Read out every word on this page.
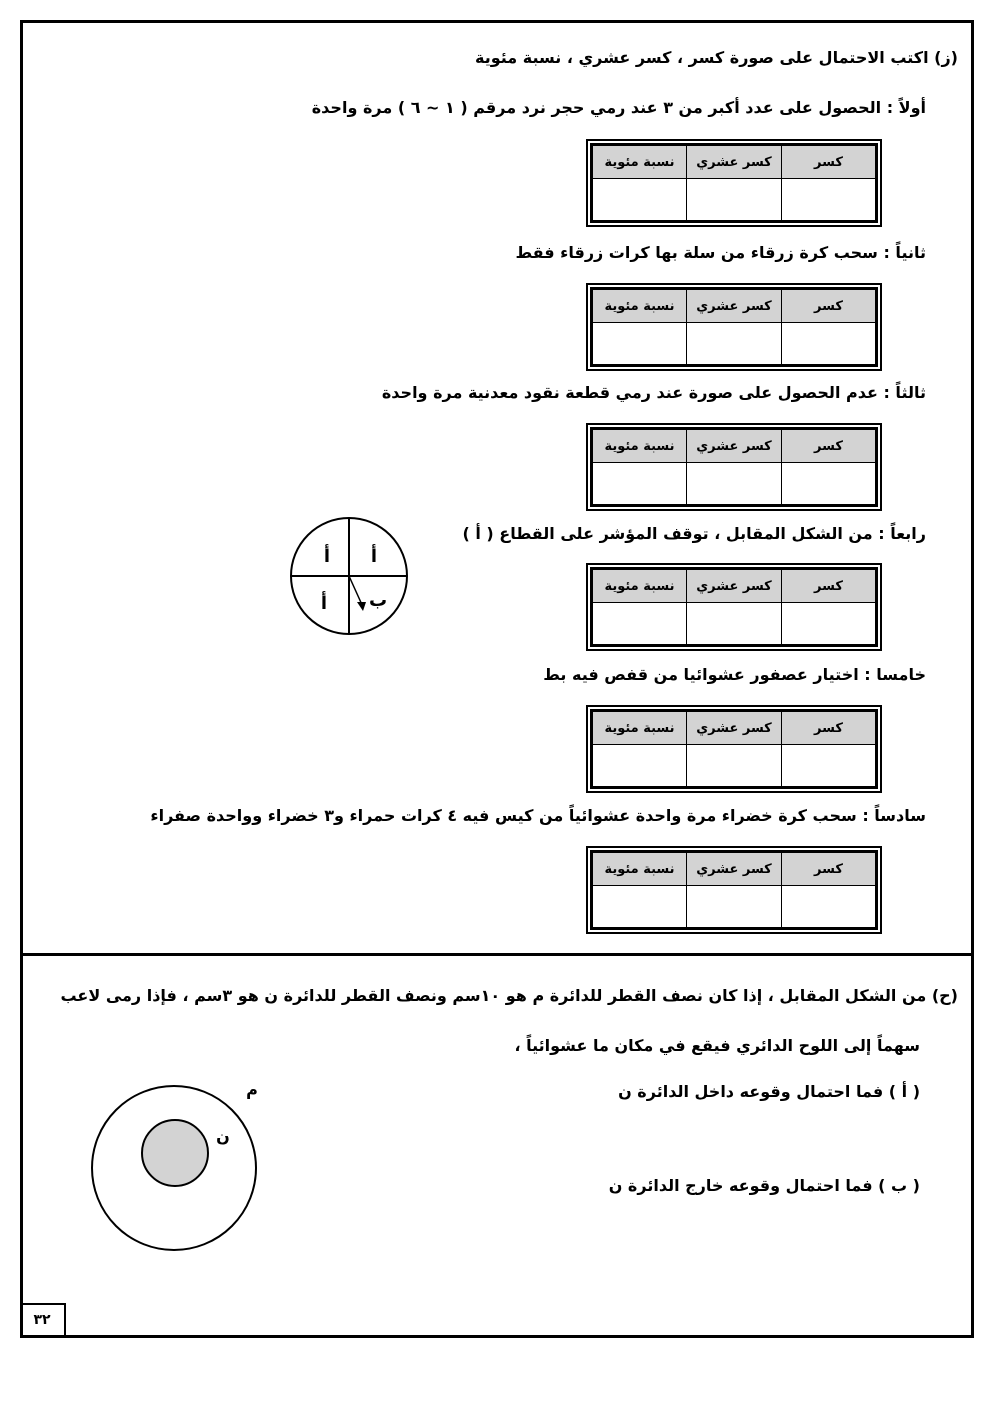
(ز) اكتب الاحتمال على صورة كسر ، كسر عشري ، نسبة مئوية
أولاً : الحصول على عدد أكبر من ٣ عند رمي حجر نرد مرقم ( ١ ~ ٦ ) مرة واحدة
كسر	كسر عشري	نسبة مئوية

ثانياً : سحب كرة زرقاء من سلة بها كرات زرقاء فقط
كسر	كسر عشري	نسبة مئوية

ثالثاً : عدم الحصول على صورة عند رمي قطعة نقود معدنية مرة واحدة
كسر	كسر عشري	نسبة مئوية

رابعاً : من الشكل المقابل ، توقف المؤشر على القطاع ( أ )
كسر	كسر عشري	نسبة مئوية

أ أ
أ ب
خامسا : اختيار عصفور عشوائيا من قفص فيه بط
كسر	كسر عشري	نسبة مئوية

سادساً : سحب كرة خضراء مرة واحدة عشوائياً من كيس فيه ٤ كرات حمراء و٣ خضراء وواحدة صفراء
كسر	كسر عشري	نسبة مئوية

(ح) من الشكل المقابل ، إذا كان نصف القطر للدائرة م هو ١٠سم ونصف القطر للدائرة ن هو ٣سم ، فإذا رمى لاعب
سهماً إلى اللوح الدائري فيقع في مكان ما عشوائياً ،
( أ ) فما احتمال وقوعه داخل الدائرة ن
( ب ) فما احتمال وقوعه خارج الدائرة ن
م
ن
٣٢
